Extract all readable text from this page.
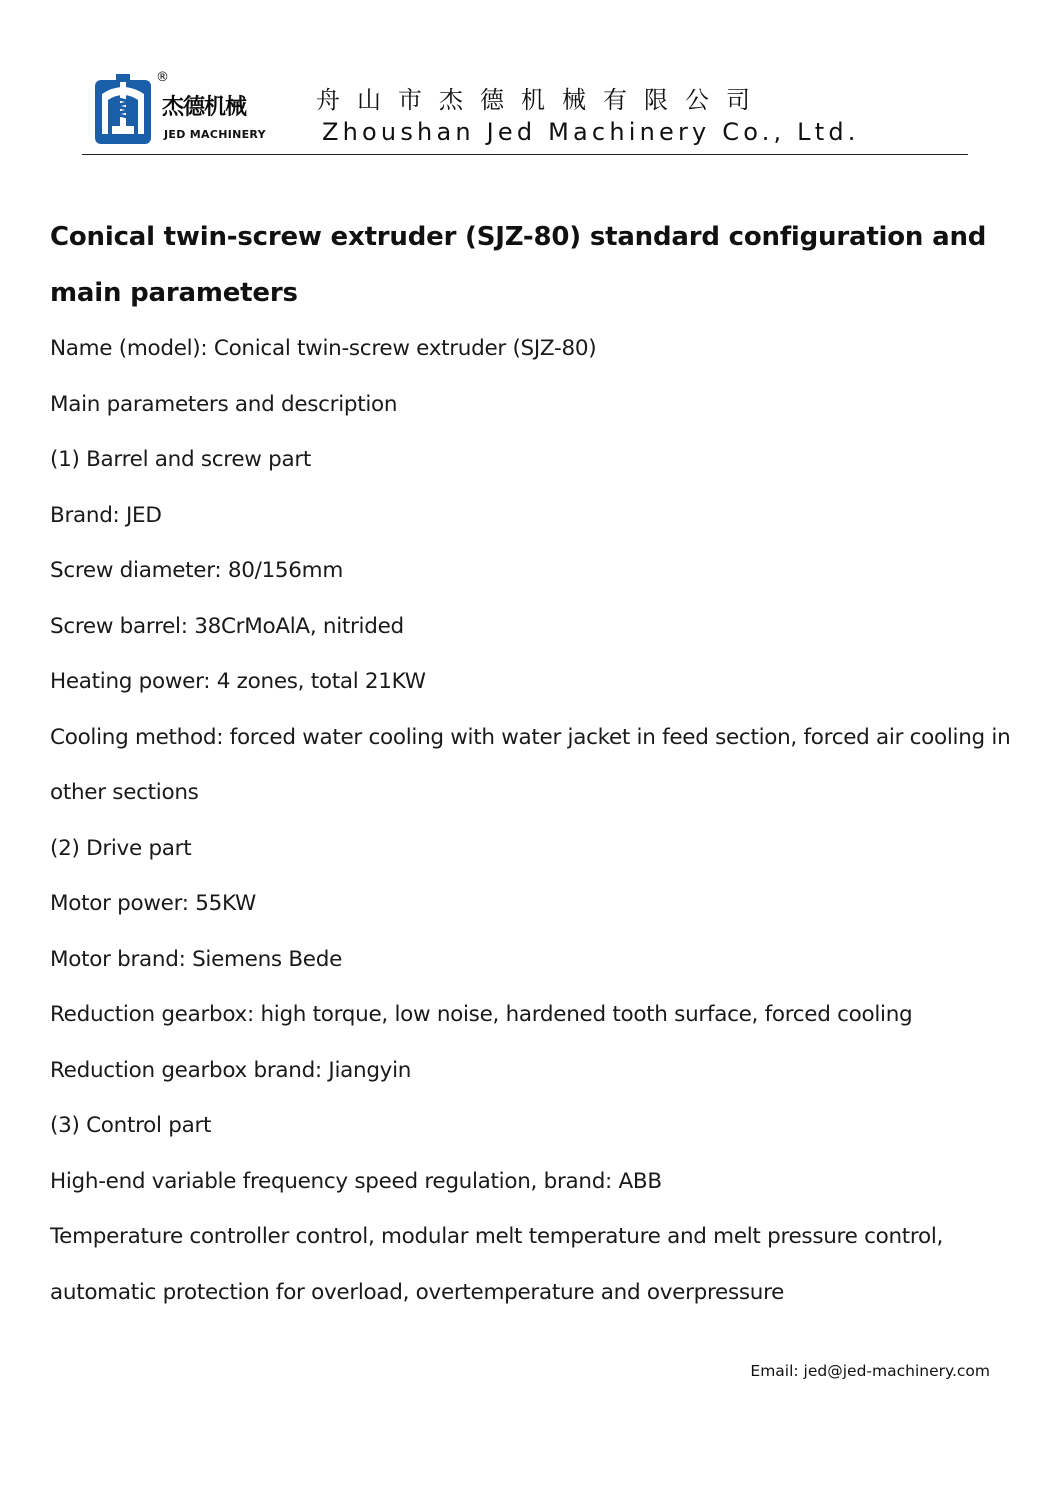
®
杰德机械
JED MACHINERY
舟山市杰德机械有限公司
Zhoushan Jed Machinery Co., Ltd.

Conical twin-screw extruder (SJZ-80) standard configuration and main parameters

Name (model): Conical twin-screw extruder (SJZ-80)

Main parameters and description

(1) Barrel and screw part

Brand: JED

Screw diameter: 80/156mm

Screw barrel: 38CrMoAlA, nitrided

Heating power: 4 zones, total 21KW

Cooling method: forced water cooling with water jacket in feed section, forced air cooling in other sections

(2) Drive part

Motor power: 55KW

Motor brand: Siemens Bede

Reduction gearbox: high torque, low noise, hardened tooth surface, forced cooling

Reduction gearbox brand: Jiangyin

(3) Control part

High-end variable frequency speed regulation, brand: ABB

Temperature controller control, modular melt temperature and melt pressure control, automatic protection for overload, overtemperature and overpressure

Email: jed@jed-machinery.com
